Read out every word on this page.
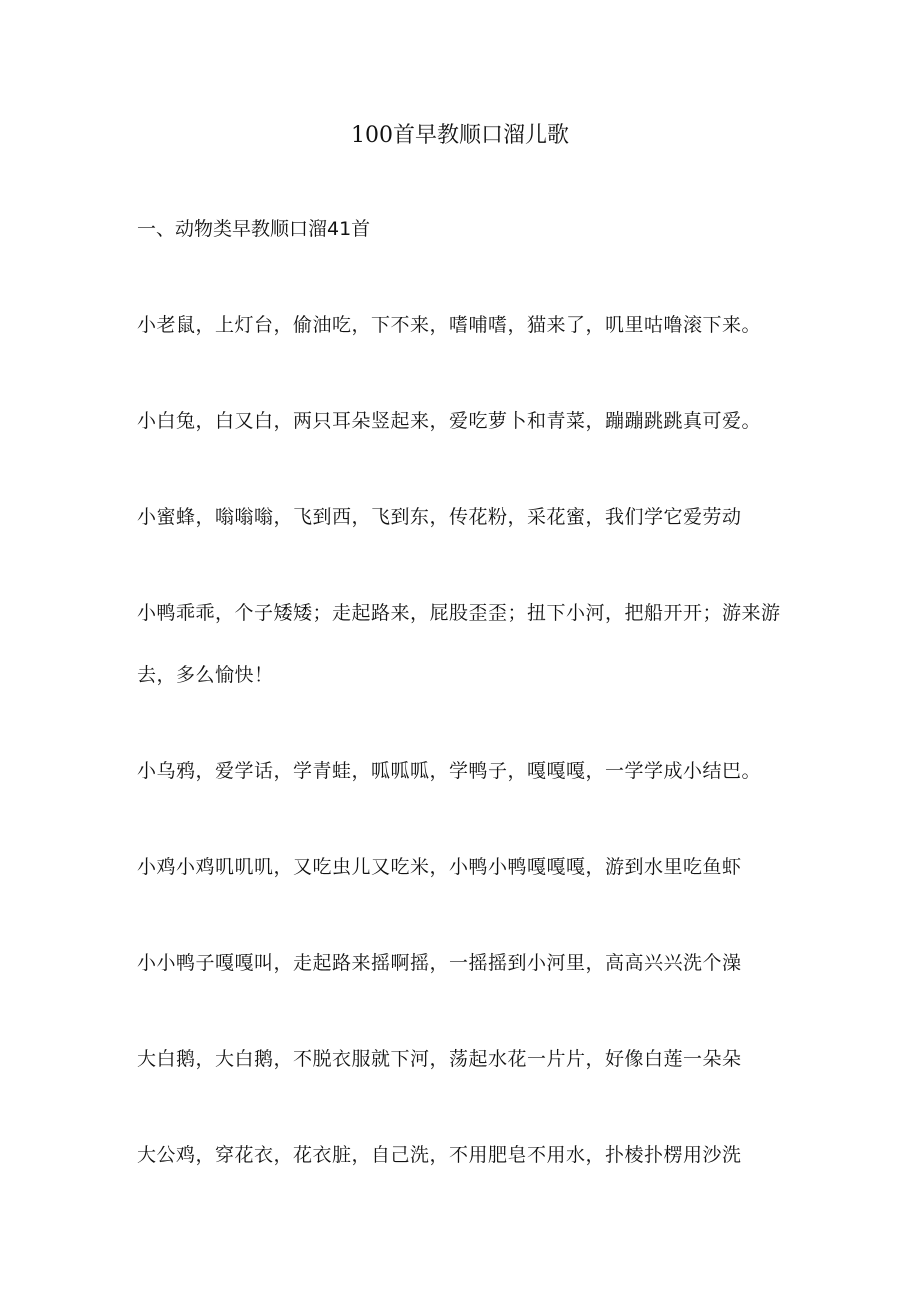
100首早教顺口溜儿歌
一、动物类早教顺口溜41首
小老鼠，上灯台，偷油吃，下不来，嗜哺嗜，猫来了，叽里咕噜滚下来。
小白兔，白又白，两只耳朵竖起来，爱吃萝卜和青菜，蹦蹦跳跳真可爱。
小蜜蜂，嗡嗡嗡，飞到西，飞到东，传花粉，采花蜜，我们学它爱劳动
小鸭乖乖，个子矮矮；走起路来，屁股歪歪；扭下小河，把船开开；游来游去，多么愉快！
小乌鸦，爱学话，学青蛙，呱呱呱，学鸭子，嘎嘎嘎，一学学成小结巴。
小鸡小鸡叽叽叽，又吃虫儿又吃米，小鸭小鸭嘎嘎嘎，游到水里吃鱼虾
小小鸭子嘎嘎叫，走起路来摇啊摇，一摇摇到小河里，高高兴兴洗个澡
大白鹅，大白鹅，不脱衣服就下河，荡起水花一片片，好像白莲一朵朵
大公鸡，穿花衣，花衣脏，自己洗，不用肥皂不用水，扑棱扑楞用沙洗
